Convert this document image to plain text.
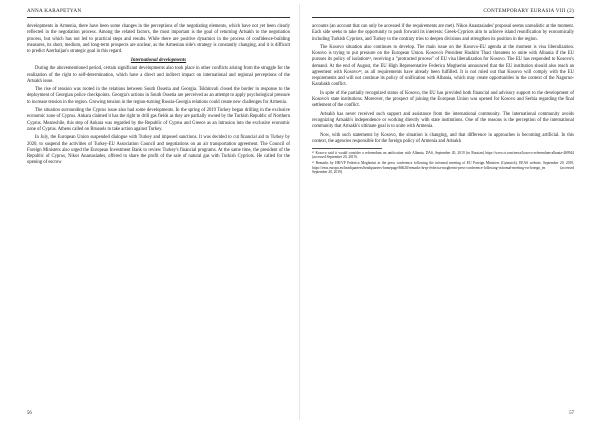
ANNA KARAPETYAN

developments in Armenia, there have been some changes in the perceptions of the negotiating elements, which have not yet been clearly reflected in the negotiation process. Among the related factors, the most important is the goal of returning Artsakh to the negotiation process, but which has not led to practical steps and results. While there are positive dynamics in the process of confidence-building measures, its short, medium, and long-term prospects are unclear, as the Armenian side's strategy is constantly changing, and it is difficult to predict Azerbaijan's strategic goal in this regard.

International developments

During the abovementioned period, certain significant developments also took place in other conflicts arising from the struggle for the realization of the right to self-determination, which have a direct and indirect impact on international and regional perceptions of the Artsakh issue.

The rise of tension was rooted in the relations between South Ossetia and Georgia. Tskhinvali closed the border in response to the deployment of Georgian police checkpoints. Georgia's actions in South Ossetia are perceived as an attempt to apply psychological pressure to increase tension in the region. Growing tension in the region-turning Russia-Georgia relations could create new challenges for Armenia.

The situation surrounding the Cyprus issue also had some developments. In the spring of 2019 Turkey began drilling in the exclusive economic zone of Cyprus. Ankara claimed it has the right to drill gas fields as they are partially owned by the Turkish Republic of Northern Cyprus. Meanwhile, this step of Ankara was regarded by the Republic of Cyprus and Greece as an intrusion into the exclusive economic zone of Cyprus. Athens called on Brussels to take action against Turkey.

In July, the European Union suspended dialogue with Turkey and imposed sanctions. It was decided to cut financial aid to Turkey by 2020, to suspend the activities of Turkey-EU Association Council and negotiations on an air transportation agreement. The Council of Foreign Ministers also urged the European Investment Bank to review Turkey's financial programs. At the same time, the president of the Republic of Cyprus, Nikos Anastasiades, offered to share the profit of the sale of natural gas with Turkish Cypriots. He called for the opening of escrow

56
CONTEMPORARY EURASIA VIII (2)

accounts (an account that can only be accessed if the requirements are met). Nikos Anastasiades' proposal seems unrealistic at the moment. Each side seeks to take the opportunity to push forward its interests: Greek-Cypriots aim to achieve island reunification by economically including Turkish Cypriots, and Turkey to the contrary tries to deepen divisions and strengthen its position in the region.

The Kosovo situation also continues to develop. The main issue on the Kosovo-EU agenda at the moment is visa liberalization. Kosovo is trying to put pressure on the European Union. Kosovo's President Hashim Thaci threatens to unite with Albania if the EU pursues its policy of isolation¹², receiving a "protracted process" of EU visa liberalization for Kosovo. The EU has responded to Kosovo's demand. At the end of August, the EU High Representative Federica Mogherini announced that the EU institution should also reach an agreement with Kosovo¹³, as all requirements have already been fulfilled. It is not ruled out that Kosovo will comply with the EU requirements and will not continue its policy of unification with Albania, which may create opportunities in the context of the Nagorno-Karabakh conflict.

In spite of the partially recognized status of Kosovo, the EU has provided both financial and advisory support to the development of Kosovo's state institutions. Moreover, the prospect of joining the European Union was opened for Kosovo and Serbia regarding the final settlement of the conflict.

Artsakh has never received such support and assistance from the international community. The international community avoids recognizing Artsakh's independence or working directly with state institutions. One of the reasons is the perception of the international community that Artsakh's ultimate goal is to unite with Armenia.

Now, with such statements by Kosovo, the situation is changing, and that difference in approaches is becoming artificial. In this context, the agencies responsible for the foreign policy of Armenia and Artsakh

¹² Kosovo said it would consider a referendum on unification with Albania, DAS, September 20, 2019 (in Russian) https://www.rt.com/news/kosovo-referendum-albania-469944 (accessed September 20, 2019).

¹³ Remarks by HR/VP Federica Mogherini at the press conference following the informal meeting of EU Foreign Ministers (Gymnich), EEAS website, September 20, 2019, https://eeas.europa.eu/headquarters/headquarters-homepage/66620/remarks-hrvp-federica-mogherini-press-conference-following-informal-meeting-eu-foreign_en (accessed September 20, 2019).

57
